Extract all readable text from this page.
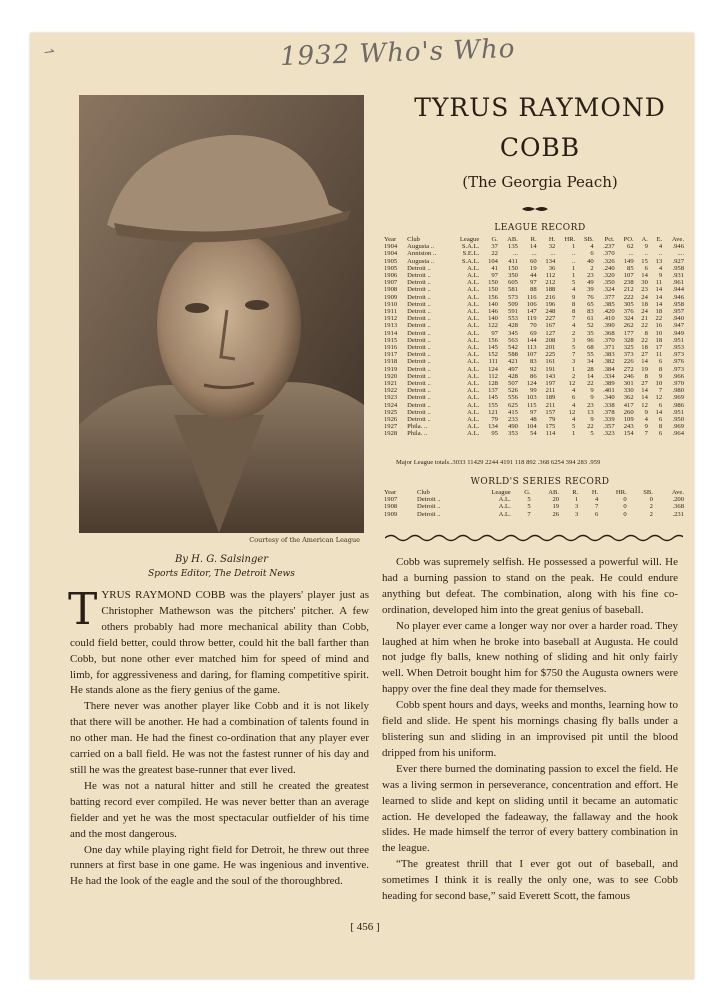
⇀	1932 Who's Who
Courtesy of the American League
TYRUS RAYMOND
COBB
(The Georgia Peach)
LEAGUE RECORD
Year	Club	League	G.	AB.	R.	H.	HR.	SB.	Pct.	PO.	A.	E.	Ave.
1904	Augusta ..	S.A.L.	37	135	14	32	1	4	.237	62	9	4	.946
1904	Anniston ..	S.E.L.	22	...	...	...	..	6	.370	...	..	..	....
1905	Augusta ..	S.A.L.	104	411	60	134	..	40	.326	149	15	13	.927
1905	Detroit ..	A.L.	41	150	19	36	1	2	.240	85	6	4	.958
1906	Detroit ..	A.L.	97	350	44	112	1	23	.320	107	14	9	.931
1907	Detroit ..	A.L.	150	605	97	212	5	49	.350	238	30	11	.961
1908	Detroit ..	A.L.	150	581	88	188	4	39	.324	212	23	14	.944
1909	Detroit ..	A.L.	156	573	116	216	9	76	.377	222	24	14	.946
1910	Detroit ..	A.L.	140	509	106	196	8	65	.385	305	18	14	.958
1911	Detroit ..	A.L.	146	591	147	248	8	83	.420	376	24	18	.957
1912	Detroit ..	A.L.	140	553	119	227	7	61	.410	324	21	22	.940
1913	Detroit ..	A.L.	122	428	70	167	4	52	.390	262	22	16	.947
1914	Detroit ..	A.L.	97	345	69	127	2	35	.368	177	8	10	.949
1915	Detroit ..	A.L.	156	563	144	208	3	96	.370	328	22	18	.951
1916	Detroit ..	A.L.	145	542	113	201	5	68	.371	325	18	17	.953
1917	Detroit ..	A.L.	152	588	107	225	7	55	.383	373	27	11	.973
1918	Detroit ..	A.L.	111	421	83	161	3	34	.382	226	14	6	.976
1919	Detroit ..	A.L.	124	497	92	191	1	28	.384	272	19	8	.973
1920	Detroit ..	A.L.	112	428	86	143	2	14	.334	246	8	9	.966
1921	Detroit ..	A.L.	128	507	124	197	12	22	.389	301	27	10	.970
1922	Detroit ..	A.L.	137	526	99	211	4	9	.401	330	14	7	.980
1923	Detroit ..	A.L.	145	556	103	189	6	9	.340	362	14	12	.969
1924	Detroit ..	A.L.	155	625	115	211	4	23	.338	417	12	6	.986
1925	Detroit ..	A.L.	121	415	97	157	12	13	.378	260	9	14	.951
1926	Detroit ..	A.L.	79	233	48	79	4	9	.339	109	4	6	.950
1927	Phila. ..	A.L.	134	490	104	175	5	22	.357	243	9	8	.969
1928	Phila. ..	A.L.	95	353	54	114	1	5	.323	154	7	6	.964
Major League totals..3033 11429 2244 4191 118 892 .368 6254 394 283 .959
WORLD'S SERIES RECORD
Year	Club	League	G.	AB.	R.	H.	HR.	SB.	Ave.
1907	Detroit ..	A.L.	5	20	1	4	0	0	.200
1908	Detroit ..	A.L.	5	19	3	7	0	2	.368
1909	Detroit ..	A.L.	7	26	3	6	0	2	.231
By H. G. Salsinger
Sports Editor, The Detroit News

TYRUS RAYMOND COBB was the players' player just as Christopher Mathewson was the pitchers' pitcher. A few others probably had more mechanical ability than Cobb, could field better, could throw better, could hit the ball farther than Cobb, but none other ever matched him for speed of mind and limb, for aggressiveness and daring, for flaming competitive spirit. He stands alone as the fiery genius of the game.

There never was another player like Cobb and it is not likely that there will be another. He had a combination of talents found in no other man. He had the finest co-ordination that any player ever carried on a ball field. He was not the fastest runner of his day and still he was the greatest base-runner that ever lived.

He was not a natural hitter and still he created the greatest batting record ever compiled. He was never better than an average fielder and yet he was the most spectacular outfielder of his time and the most dangerous.

One day while playing right field for Detroit, he threw out three runners at first base in one game. He was ingenious and inventive. He had the look of the eagle and the soul of the thoroughbred.

Cobb was supremely selfish. He possessed a powerful will. He had a burning passion to stand on the peak. He could endure anything but defeat. The combination, along with his fine co-ordination, developed him into the great genius of baseball.

No player ever came a longer way nor over a harder road. They laughed at him when he broke into baseball at Augusta. He could not judge fly balls, knew nothing of sliding and hit only fairly well. When Detroit bought him for $750 the Augusta owners were happy over the fine deal they made for themselves.

Cobb spent hours and days, weeks and months, learning how to field and slide. He spent his mornings chasing fly balls under a blistering sun and sliding in an improvised pit until the blood dripped from his uniform.

Ever there burned the dominating passion to excel the field. He was a living sermon in perseverance, concentration and effort. He learned to slide and kept on sliding until it became an automatic action. He developed the fadeaway, the fallaway and the hook slides. He made himself the terror of every battery combination in the league.

“The greatest thrill that I ever got out of baseball, and sometimes I think it is really the only one, was to see Cobb heading for second base,” said Everett Scott, the famous

[ 456 ]
